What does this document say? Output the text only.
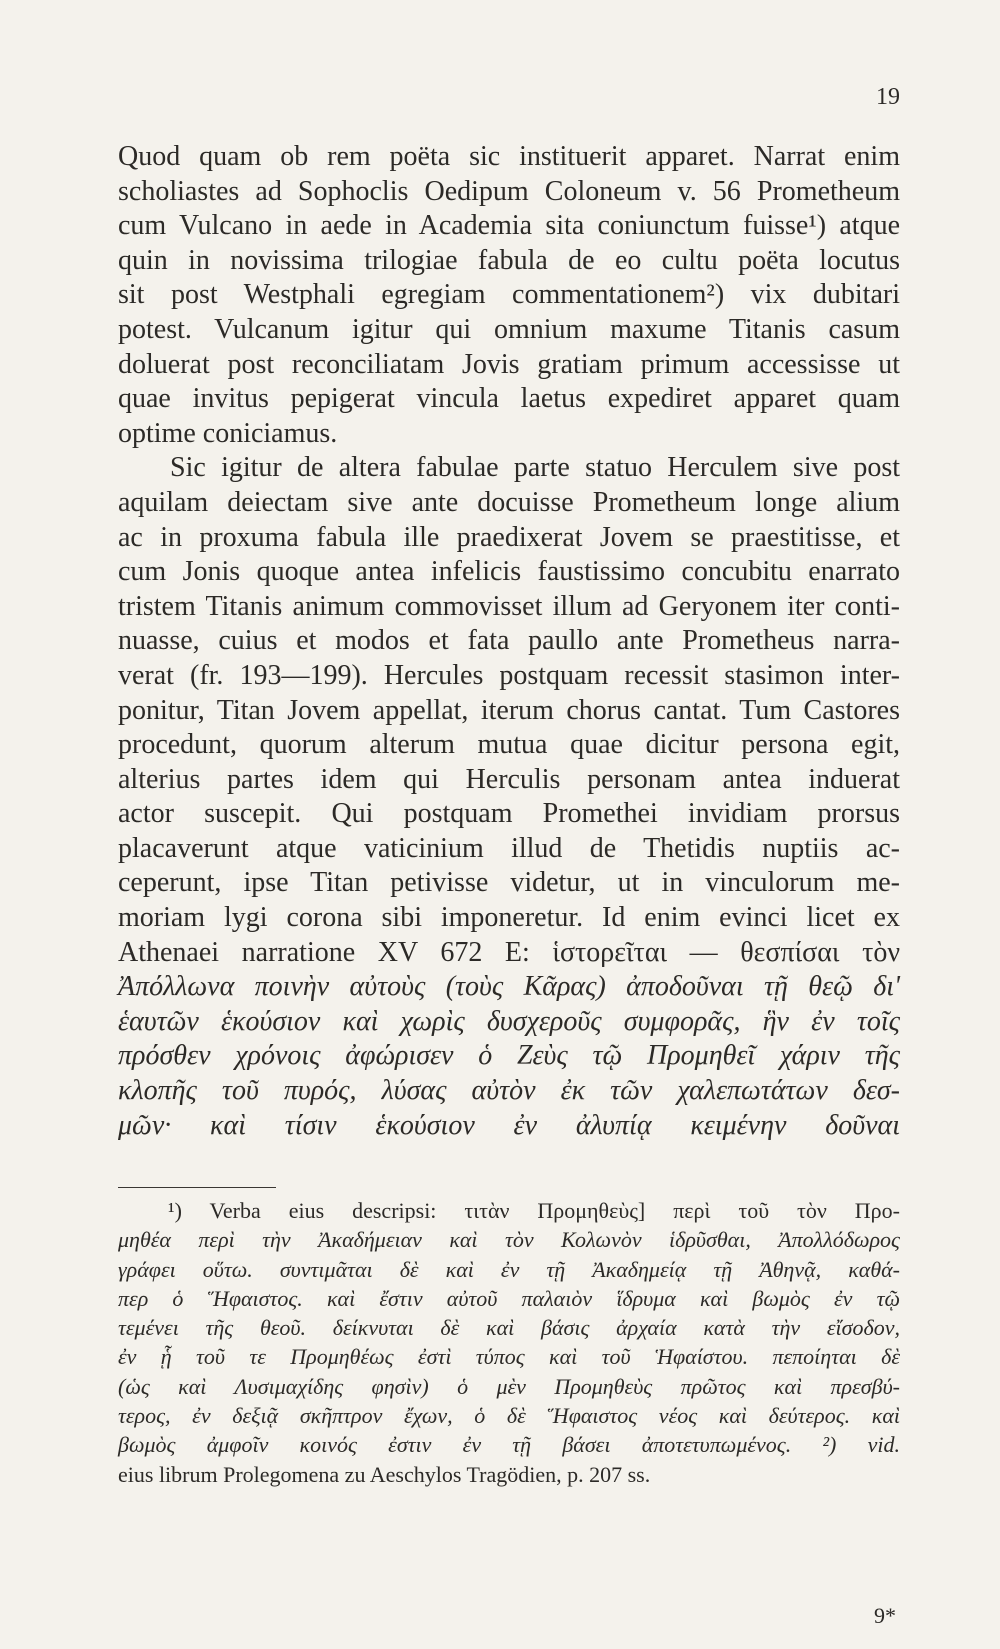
19
Quod quam ob rem poëta sic instituerit apparet. Narrat enim
scholiastes ad Sophoclis Oedipum Coloneum v. 56 Prometheum
cum Vulcano in aede in Academia sita coniunctum fuisse¹) atque
quin in novissima trilogiae fabula de eo cultu poëta locutus
sit post Westphali egregiam commentationem²) vix dubitari
potest. Vulcanum igitur qui omnium maxume Titanis casum
doluerat post reconciliatam Jovis gratiam primum accessisse ut
quae invitus pepigerat vincula laetus expediret apparet quam
optime coniciamus.
Sic igitur de altera fabulae parte statuo Herculem sive post
aquilam deiectam sive ante docuisse Prometheum longe alium
ac in proxuma fabula ille praedixerat Jovem se praestitisse, et
cum Jonis quoque antea infelicis faustissimo concubitu enarrato
tristem Titanis animum commovisset illum ad Geryonem iter conti-
nuasse, cuius et modos et fata paullo ante Prometheus narra-
verat (fr. 193—199). Hercules postquam recessit stasimon inter-
ponitur, Titan Jovem appellat, iterum chorus cantat. Tum Castores
procedunt, quorum alterum mutua quae dicitur persona egit,
alterius partes idem qui Herculis personam antea induerat
actor suscepit. Qui postquam Promethei invidiam prorsus
placaverunt atque vaticinium illud de Thetidis nuptiis ac-
ceperunt, ipse Titan petivisse videtur, ut in vinculorum me-
moriam lygi corona sibi imponeretur. Id enim evinci licet ex
Athenaei narratione XV 672 E: ἱστορεῖται — θεσπίσαι τὸν
Ἀπόλλωνα ποινὴν αὐτοὺς (τοὺς Κᾶρας) ἀποδοῦναι τῇ θεῷ δι'
ἑαυτῶν ἑκούσιον καὶ χωρὶς δυσχεροῦς συμφορᾶς, ἣν ἐν τοῖς
πρόσθεν χρόνοις ἀφώρισεν ὁ Ζεὺς τῷ Προμηθεῖ χάριν τῆς
κλοπῆς τοῦ πυρός, λύσας αὐτὸν ἐκ τῶν χαλεπωτάτων δεσ-
μῶν· καὶ τίσιν ἑκούσιον ἐν ἀλυπίᾳ κειμένην δοῦναι
¹) Verba eius descripsi: τιτὰν Προμηθεὺς] περὶ τοῦ τὸν Προ-
μηθέα περὶ τὴν Ἀκαδήμειαν καὶ τὸν Κολωνὸν ἱδρῦσθαι, Ἀπολλόδωρος
γράφει οὕτω. συντιμᾶται δὲ καὶ ἐν τῇ Ἀκαδημείᾳ τῇ Ἀθηνᾷ, καθά-
περ ὁ Ἥφαιστος. καὶ ἔστιν αὐτοῦ παλαιὸν ἵδρυμα καὶ βωμὸς ἐν τῷ
τεμένει τῆς θεοῦ. δείκνυται δὲ καὶ βάσις ἀρχαία κατὰ τὴν εἴσοδον,
ἐν ᾗ τοῦ τε Προμηθέως ἐστὶ τύπος καὶ τοῦ Ἡφαίστου. πεποίηται δὲ
(ὡς καὶ Λυσιμαχίδης φησὶν) ὁ μὲν Προμηθεὺς πρῶτος καὶ πρεσβύ-
τερος, ἐν δεξιᾷ σκῆπτρον ἔχων, ὁ δὲ Ἥφαιστος νέος καὶ δεύτερος. καὶ
βωμὸς ἀμφοῖν κοινός ἐστιν ἐν τῇ βάσει ἀποτετυπωμένος. ²) vid.
eius librum Prolegomena zu Aeschylos Tragödien, p. 207 ss.
9*
